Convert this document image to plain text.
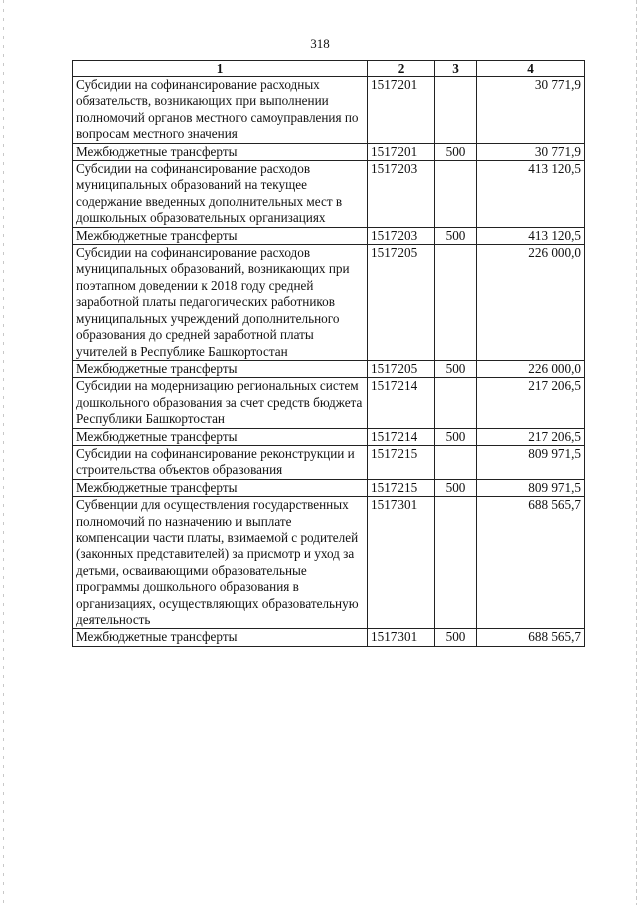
318
1	2	3	4
Субсидии на софинансирование расходных обязательств, возникающих при выполнении полномочий органов местного самоуправления по вопросам местного значения	1517201		30 771,9
Межбюджетные трансферты	1517201	500	30 771,9
Субсидии на софинансирование расходов муниципальных образований на текущее содержание введенных дополнительных мест в дошкольных образовательных организациях	1517203		413 120,5
Межбюджетные трансферты	1517203	500	413 120,5
Субсидии на софинансирование расходов муниципальных образований, возникающих при поэтапном доведении к 2018 году средней заработной платы педагогических работников муниципальных учреждений дополнительного образования до средней заработной платы учителей в Республике Башкортостан	1517205		226 000,0
Межбюджетные трансферты	1517205	500	226 000,0
Субсидии на модернизацию региональных систем дошкольного образования за счет средств бюджета Республики Башкортостан	1517214		217 206,5
Межбюджетные трансферты	1517214	500	217 206,5
Субсидии на софинансирование реконструкции и строительства объектов образования	1517215		809 971,5
Межбюджетные трансферты	1517215	500	809 971,5
Субвенции для осуществления государственных полномочий по назначению и выплате компенсации части платы, взимаемой с родителей (законных представителей) за присмотр и уход за детьми, осваивающими образовательные программы дошкольного образования в организациях, осуществляющих образовательную деятельность	1517301		688 565,7
Межбюджетные трансферты	1517301	500	688 565,7
